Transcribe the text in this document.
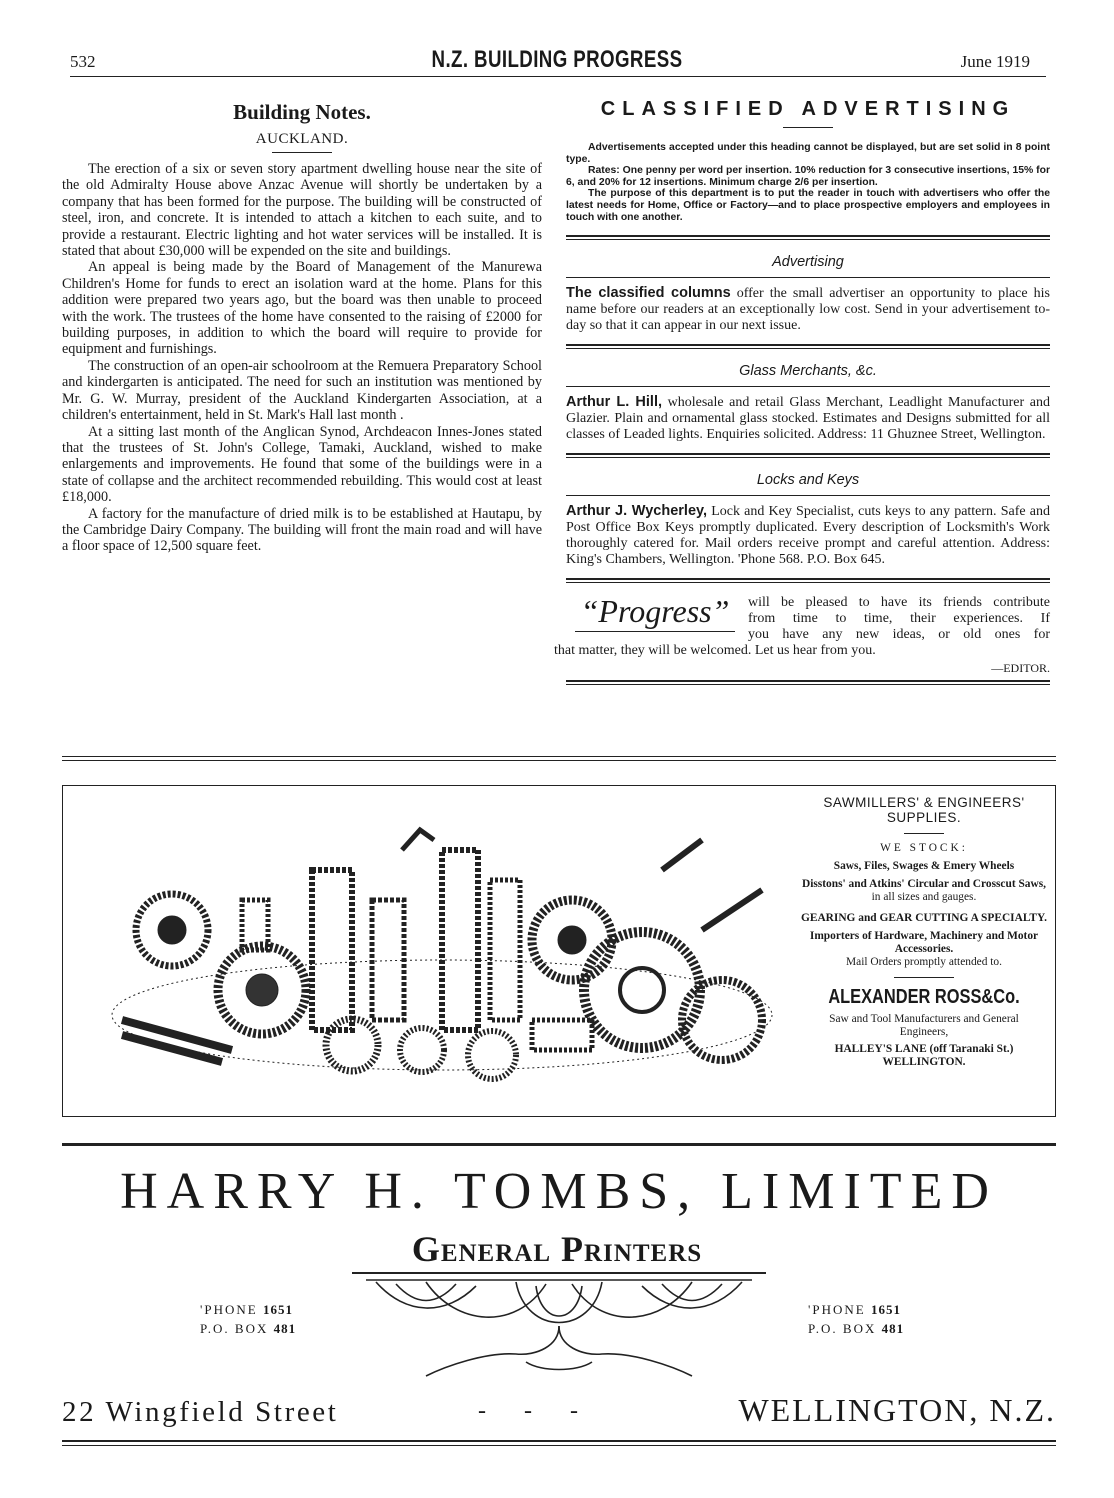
532	N.Z. BUILDING PROGRESS	June 1919

Building Notes.

AUCKLAND.

The erection of a six or seven story apartment dwelling house near the site of the old Admiralty House above Anzac Avenue will shortly be undertaken by a company that has been formed for the purpose. The building will be constructed of steel, iron, and concrete. It is intended to attach a kitchen to each suite, and to provide a restaurant. Electric lighting and hot water services will be installed. It is stated that about £30,000 will be expended on the site and buildings.

An appeal is being made by the Board of Management of the Manurewa Children's Home for funds to erect an isolation ward at the home. Plans for this addition were prepared two years ago, but the board was then unable to proceed with the work. The trustees of the home have consented to the raising of £2000 for building purposes, in addition to which the board will require to provide for equipment and furnishings.

The construction of an open-air schoolroom at the Remuera Preparatory School and kindergarten is anticipated. The need for such an institution was mentioned by Mr. G. W. Murray, president of the Auckland Kindergarten Association, at a children's entertainment, held in St. Mark's Hall last month .

At a sitting last month of the Anglican Synod, Archdeacon Innes-Jones stated that the trustees of St. John's College, Tamaki, Auckland, wished to make enlargements and improvements. He found that some of the buildings were in a state of collapse and the architect recommended rebuilding. This would cost at least £18,000.

A factory for the manufacture of dried milk is to be established at Hautapu, by the Cambridge Dairy Company. The building will front the main road and will have a floor space of 12,500 square feet.

CLASSIFIED ADVERTISING

Advertisements accepted under this heading cannot be displayed, but are set solid in 8 point type.

Rates: One penny per word per insertion. 10% reduction for 3 consecutive insertions, 15% for 6, and 20% for 12 insertions. Minimum charge 2/6 per insertion.

The purpose of this department is to put the reader in touch with advertisers who offer the latest needs for Home, Office or Factory—and to place prospective employers and employees in touch with one another.

Advertising

The classified columns offer the small advertiser an opportunity to place his name before our readers at an exceptionally low cost. Send in your advertisement to-day so that it can appear in our next issue.

Glass Merchants, &c.

Arthur L. Hill, wholesale and retail Glass Merchant, Leadlight Manufacturer and Glazier. Plain and ornamental glass stocked. Estimates and Designs submitted for all classes of Leaded lights. Enquiries solicited. Address: 11 Ghuznee Street, Wellington.

Locks and Keys

Arthur J. Wycherley, Lock and Key Specialist, cuts keys to any pattern. Safe and Post Office Box Keys promptly duplicated. Every description of Locksmith's Work thoroughly catered for. Mail orders receive prompt and careful attention. Address: King's Chambers, Wellington. 'Phone 568. P.O. Box 645.

“Progress”	will be pleased to have its friends contribute
from time to time, their experiences. If
you have any new ideas, or old ones for
that matter, they will be welcomed. Let us hear from you.
—EDITOR.

SAWMILLERS' & ENGINEERS' SUPPLIES.

WE STOCK:

Saws, Files, Swages & Emery Wheels

Disstons' and Atkins' Circular and Crosscut Saws,

in all sizes and gauges.

GEARING and GEAR CUTTING A SPECIALTY.

Importers of Hardware, Machinery and Motor Accessories.

Mail Orders promptly attended to.

ALEXANDER ROSS&Co.

Saw and Tool Manufacturers and General Engineers,

HALLEY'S LANE (off Taranaki St.) WELLINGTON.

HARRY H. TOMBS, LIMITED
General Printers
'PHONE 1651
P.O. BOX 481
'PHONE 1651
P.O. BOX 481
22 Wingfield Street	- - -	WELLINGTON, N.Z.
